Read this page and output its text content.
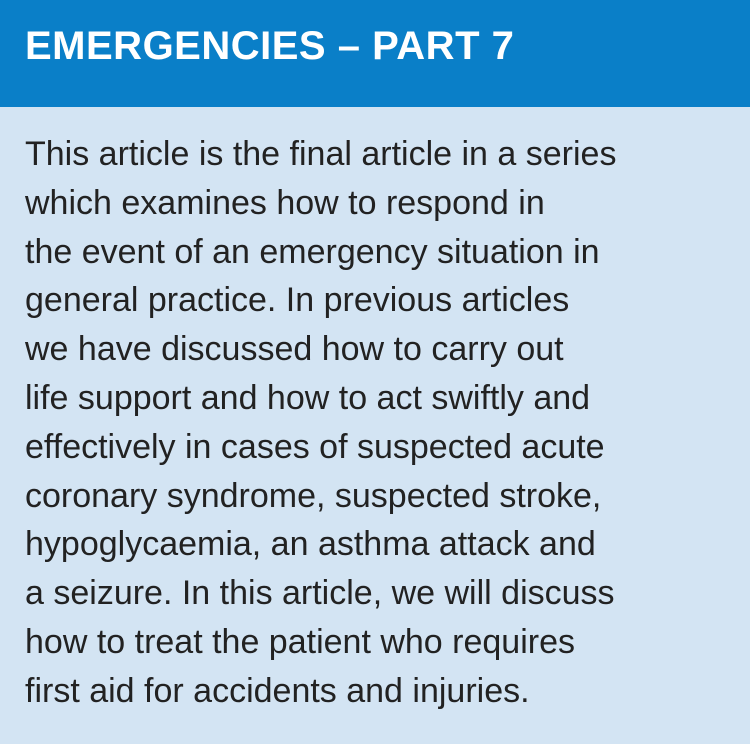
EMERGENCIES – PART 7

This article is the final article in a series
which examines how to respond in
the event of an emergency situation in
general practice. In previous articles
we have discussed how to carry out
life support and how to act swiftly and
effectively in cases of suspected acute
coronary syndrome, suspected stroke,
hypoglycaemia, an asthma attack and
a seizure. In this article, we will discuss
how to treat the patient who requires
first aid for accidents and injuries.
